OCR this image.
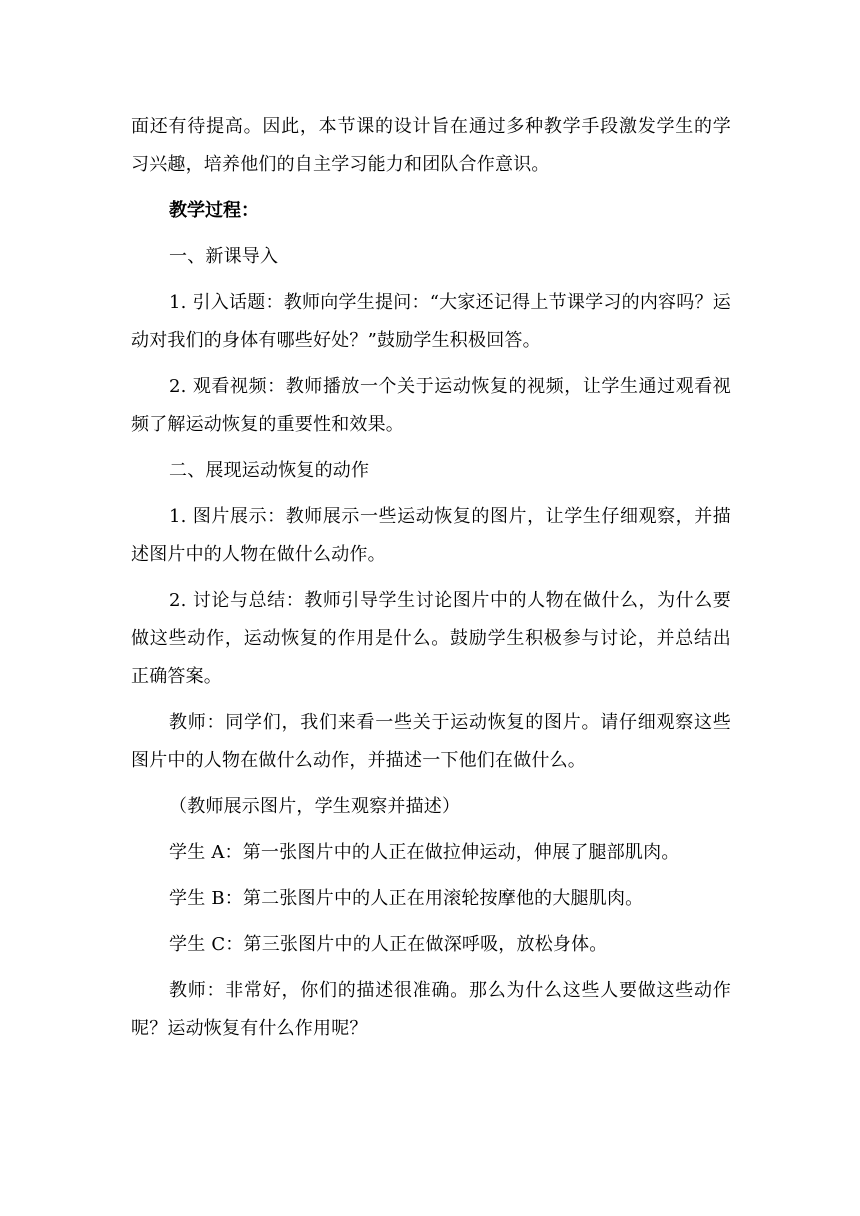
面还有待提高。因此，本节课的设计旨在通过多种教学手段激发学生的学习兴趣，培养他们的自主学习能力和团队合作意识。

教学过程：

一、新课导入

1. 引入话题：教师向学生提问：“大家还记得上节课学习的内容吗？运动对我们的身体有哪些好处？”鼓励学生积极回答。

2. 观看视频：教师播放一个关于运动恢复的视频，让学生通过观看视频了解运动恢复的重要性和效果。

二、展现运动恢复的动作

1. 图片展示：教师展示一些运动恢复的图片，让学生仔细观察，并描述图片中的人物在做什么动作。

2. 讨论与总结：教师引导学生讨论图片中的人物在做什么，为什么要做这些动作，运动恢复的作用是什么。鼓励学生积极参与讨论，并总结出正确答案。

教师：同学们，我们来看一些关于运动恢复的图片。请仔细观察这些图片中的人物在做什么动作，并描述一下他们在做什么。

（教师展示图片，学生观察并描述）

学生 A：第一张图片中的人正在做拉伸运动，伸展了腿部肌肉。

学生 B：第二张图片中的人正在用滚轮按摩他的大腿肌肉。

学生 C：第三张图片中的人正在做深呼吸，放松身体。

教师：非常好，你们的描述很准确。那么为什么这些人要做这些动作呢？运动恢复有什么作用呢？
